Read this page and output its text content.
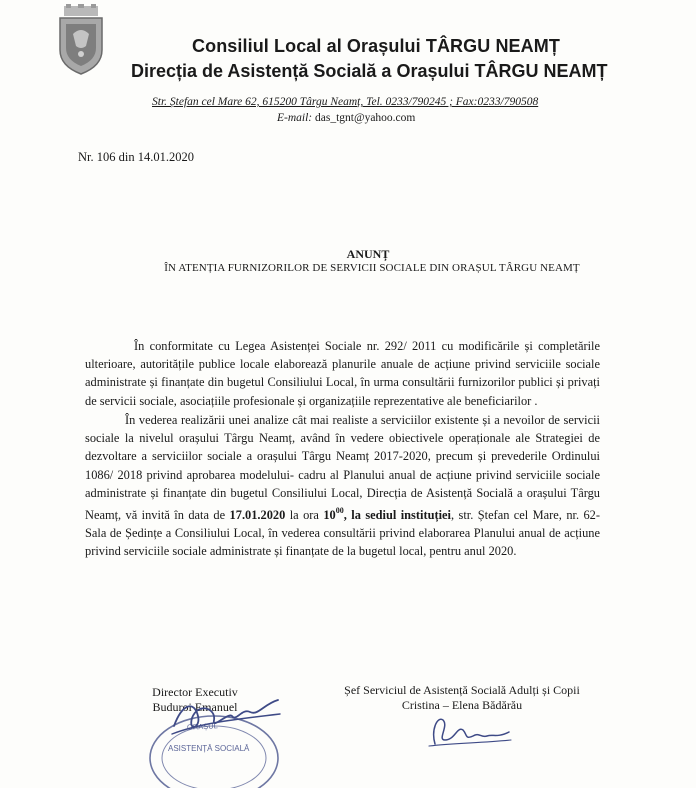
Consiliul Local al Orașului TÂRGU NEAMȚ
Direcția de Asistență Socială a Orașului TÂRGU NEAMȚ
Str. Ștefan cel Mare 62, 615200 Târgu Neamț, Tel. 0233/790245 ; Fax:0233/790508
E-mail: das_tgnt@yahoo.com
Nr. 106 din 14.01.2020
ANUNȚ
ÎN ATENȚIA FURNIZORILOR DE SERVICII SOCIALE DIN ORAȘUL TÂRGU NEAMȚ
În conformitate cu Legea Asistenței Sociale nr. 292/ 2011 cu modificările și completările ulterioare, autoritățile publice locale elaborează planurile anuale de acțiune privind serviciile sociale administrate și finanțate din bugetul Consiliului Local, în urma consultării furnizorilor publici și privați de servicii sociale, asociațiile profesionale și organizațiile reprezentative ale beneficiarilor .
În vederea realizării unei analize cât mai realiste a serviciilor existente și a nevoilor de servicii sociale la nivelul orașului Târgu Neamț, având în vedere obiectivele operaționale ale Strategiei de dezvoltare a serviciilor sociale a orașului Târgu Neamț 2017-2020, precum și prevederile Ordinului 1086/ 2018 privind aprobarea modelului- cadru al Planului anual de acțiune privind serviciile sociale administrate și finanțate din bugetul Consiliului Local, Direcția de Asistență Socială a orașului Târgu Neamț, vă invită în data de 17.01.2020 la ora $10^{00}$, la sediul instituției, str. Ștefan cel Mare, nr. 62- Sala de Ședințe a Consiliului Local, în vederea consultării privind elaborarea Planului anual de acțiune privind serviciile sociale administrate și finanțate de la bugetul local, pentru anul 2020.
ORAȘUL
ASISTENȚĂ SOCIALĂ
Director Executiv
Buduroi Emanuel
Șef Serviciul de Asistență Socială Adulți și Copii
Cristina – Elena Bădărău
